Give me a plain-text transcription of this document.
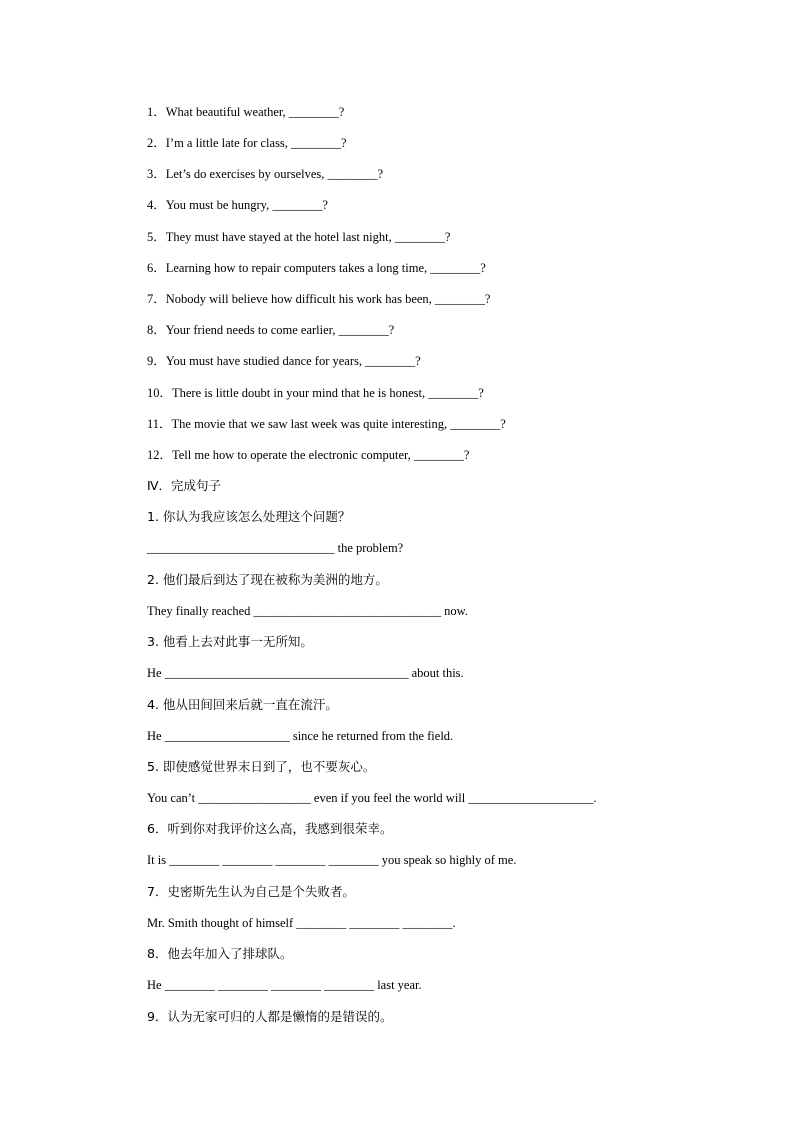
1．What beautiful weather, ________?
2．I’m a little late for class, ________?
3．Let’s do exercises by ourselves, ________?
4．You must be hungry, ________?
5．They must have stayed at the hotel last night, ________?
6．Learning how to repair computers takes a long time, ________?
7．Nobody will believe how difficult his work has been, ________?
8．Your friend needs to come earlier, ________?
9．You must have studied dance for years, ________?
10．There is little doubt in your mind that he is honest, ________?
11．The movie that we saw last week was quite interesting, ________?
12．Tell me how to operate the electronic computer, ________?
Ⅳ．完成句子
1. 你认为我应该怎么处理这个问题？
______________________________ the problem?
2. 他们最后到达了现在被称为美洲的地方。
They finally reached ______________________________ now.
3. 他看上去对此事一无所知。
He _______________________________________ about this.
4. 他从田间回来后就一直在流汗。
He ____________________ since he returned from the field.
5. 即使感觉世界末日到了，也不要灰心。
You can’t __________________ even if you feel the world will ____________________.
6．听到你对我评价这么高，我感到很荣幸。
It is ________ ________ ________ ________ you speak so highly of me.
7．史密斯先生认为自己是个失败者。
Mr. Smith thought of himself ________ ________ ________.
8．他去年加入了排球队。
He ________ ________ ________ ________ last year.
9．认为无家可归的人都是懒惰的是错误的。
